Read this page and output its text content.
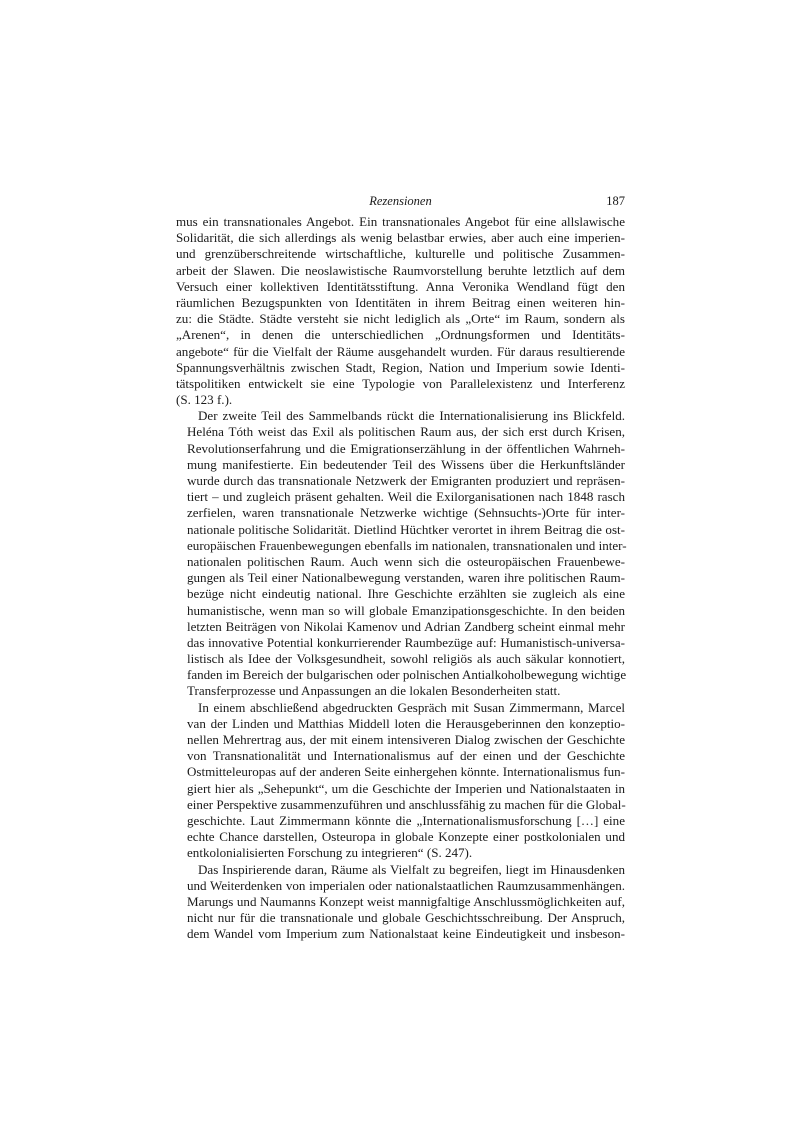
Rezensionen	187

mus ein transnationales Angebot. Ein transnationales Angebot für eine allslawische
Solidarität, die sich allerdings als wenig belastbar erwies, aber auch eine imperien-
und grenzüberschreitende wirtschaftliche, kulturelle und politische Zusammen-
arbeit der Slawen. Die neoslawistische Raumvorstellung beruhte letztlich auf dem
Versuch einer kollektiven Identitätsstiftung. Anna Veronika Wendland fügt den
räumlichen Bezugspunkten von Identitäten in ihrem Beitrag einen weiteren hin-
zu: die Städte. Städte versteht sie nicht lediglich als „Orte“ im Raum, sondern als
„Arenen“, in denen die unterschiedlichen „Ordnungsformen und Identitäts-
angebote“ für die Vielfalt der Räume ausgehandelt wurden. Für daraus resultierende
Spannungsverhältnis zwischen Stadt, Region, Nation und Imperium sowie Identi-
tätspolitiken entwickelt sie eine Typologie von Parallelexistenz und Interferenz
(S. 123 f.).

Der zweite Teil des Sammelbands rückt die Internationalisierung ins Blickfeld.
Heléna Tóth weist das Exil als politischen Raum aus, der sich erst durch Krisen,
Revolutionserfahrung und die Emigrationserzählung in der öffentlichen Wahrneh-
mung manifestierte. Ein bedeutender Teil des Wissens über die Herkunftsländer
wurde durch das transnationale Netzwerk der Emigranten produziert und repräsen-
tiert – und zugleich präsent gehalten. Weil die Exilorganisationen nach 1848 rasch
zerfielen, waren transnationale Netzwerke wichtige (Sehnsuchts-)Orte für inter-
nationale politische Solidarität. Dietlind Hüchtker verortet in ihrem Beitrag die ost-
europäischen Frauenbewegungen ebenfalls im nationalen, transnationalen und inter-
nationalen politischen Raum. Auch wenn sich die osteuropäischen Frauenbewe-
gungen als Teil einer Nationalbewegung verstanden, waren ihre politischen Raum-
bezüge nicht eindeutig national. Ihre Geschichte erzählten sie zugleich als eine
humanistische, wenn man so will globale Emanzipationsgeschichte. In den beiden
letzten Beiträgen von Nikolai Kamenov und Adrian Zandberg scheint einmal mehr
das innovative Potential konkurrierender Raumbezüge auf: Humanistisch-universa-
listisch als Idee der Volksgesundheit, sowohl religiös als auch säkular konnotiert,
fanden im Bereich der bulgarischen oder polnischen Antialkoholbewegung wichtige
Transferprozesse und Anpassungen an die lokalen Besonderheiten statt.

In einem abschließend abgedruckten Gespräch mit Susan Zimmermann, Marcel
van der Linden und Matthias Middell loten die Herausgeberinnen den konzeptio-
nellen Mehrertrag aus, der mit einem intensiveren Dialog zwischen der Geschichte
von Transnationalität und Internationalismus auf der einen und der Geschichte
Ostmitteleuropas auf der anderen Seite einhergehen könnte. Internationalismus fun-
giert hier als „Sehepunkt“, um die Geschichte der Imperien und Nationalstaaten in
einer Perspektive zusammenzuführen und anschlussfähig zu machen für die Global-
geschichte. Laut Zimmermann könnte die „Internationalismusforschung […] eine
echte Chance darstellen, Osteuropa in globale Konzepte einer postkolonialen und
entkolonialisierten Forschung zu integrieren“ (S. 247).

Das Inspirierende daran, Räume als Vielfalt zu begreifen, liegt im Hinausdenken
und Weiterdenken von imperialen oder nationalstaatlichen Raumzusammenhängen.
Marungs und Naumanns Konzept weist mannigfaltige Anschlussmöglichkeiten auf,
nicht nur für die transnationale und globale Geschichtsschreibung. Der Anspruch,
dem Wandel vom Imperium zum Nationalstaat keine Eindeutigkeit und insbeson-
